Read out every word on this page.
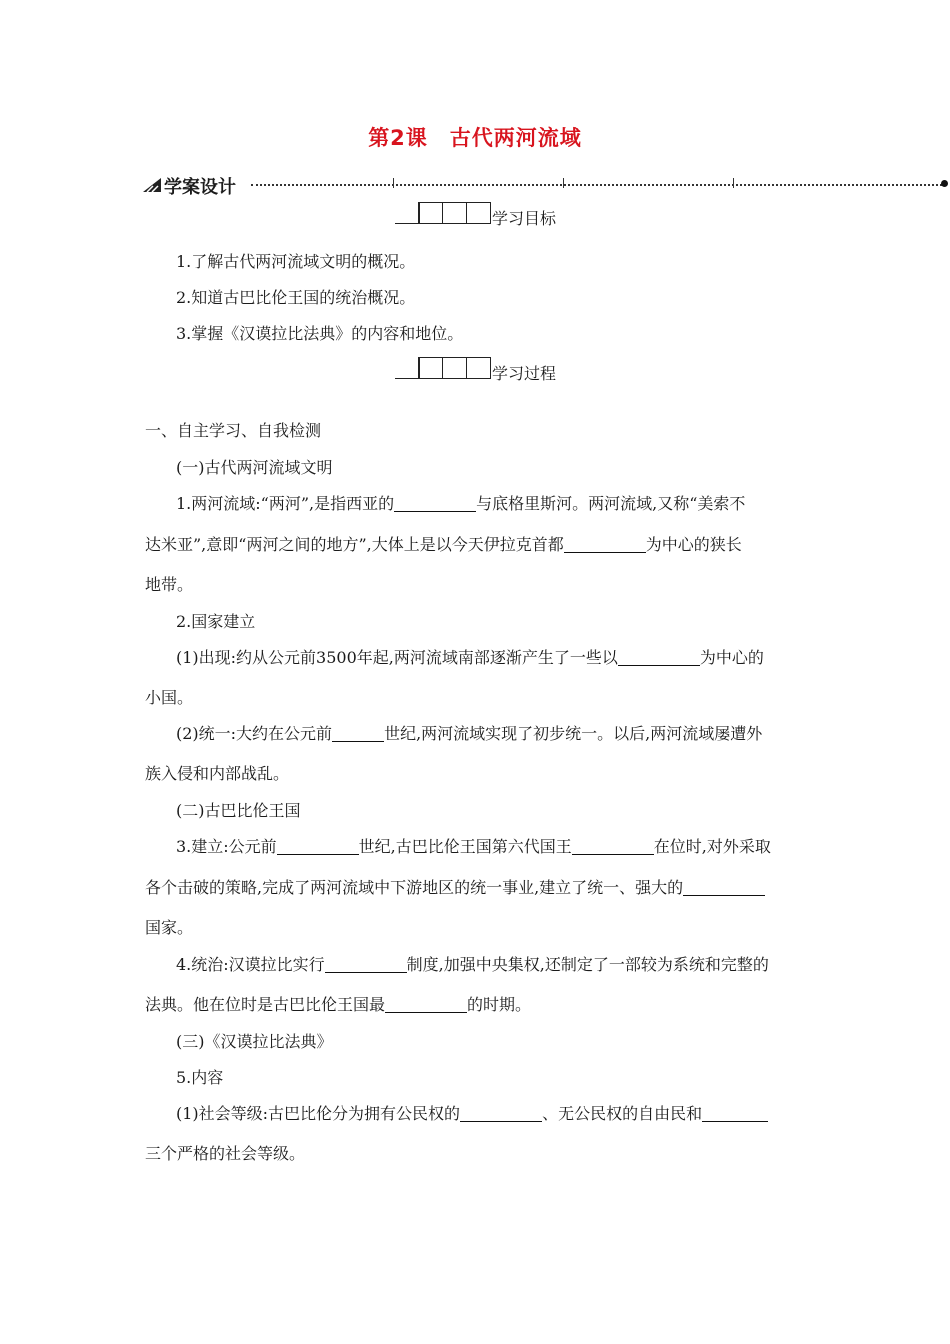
第2课　古代两河流域
学案设计
学习目标
1.了解古代两河流域文明的概况。
2.知道古巴比伦王国的统治概况。
3.掌握《汉谟拉比法典》的内容和地位。
学习过程
一、自主学习、自我检测
(一)古代两河流域文明
1.两河流域:“两河”,是指西亚的	与底格里斯河。两河流域,又称“美索不
达米亚”,意即“两河之间的地方”,大体上是以今天伊拉克首都	为中心的狭长
地带。
2.国家建立
(1)出现:约从公元前3500年起,两河流域南部逐渐产生了一些以	为中心的
小国。
(2)统一:大约在公元前	世纪,两河流域实现了初步统一。以后,两河流域屡遭外
族入侵和内部战乱。
(二)古巴比伦王国
3.建立:公元前	世纪,古巴比伦王国第六代国王	在位时,对外采取
各个击破的策略,完成了两河流域中下游地区的统一事业,建立了统一、强大的
国家。
4.统治:汉谟拉比实行	制度,加强中央集权,还制定了一部较为系统和完整的
法典。他在位时是古巴比伦王国最	的时期。
(三)《汉谟拉比法典》
5.内容
(1)社会等级:古巴比伦分为拥有公民权的	、无公民权的自由民和
三个严格的社会等级。
